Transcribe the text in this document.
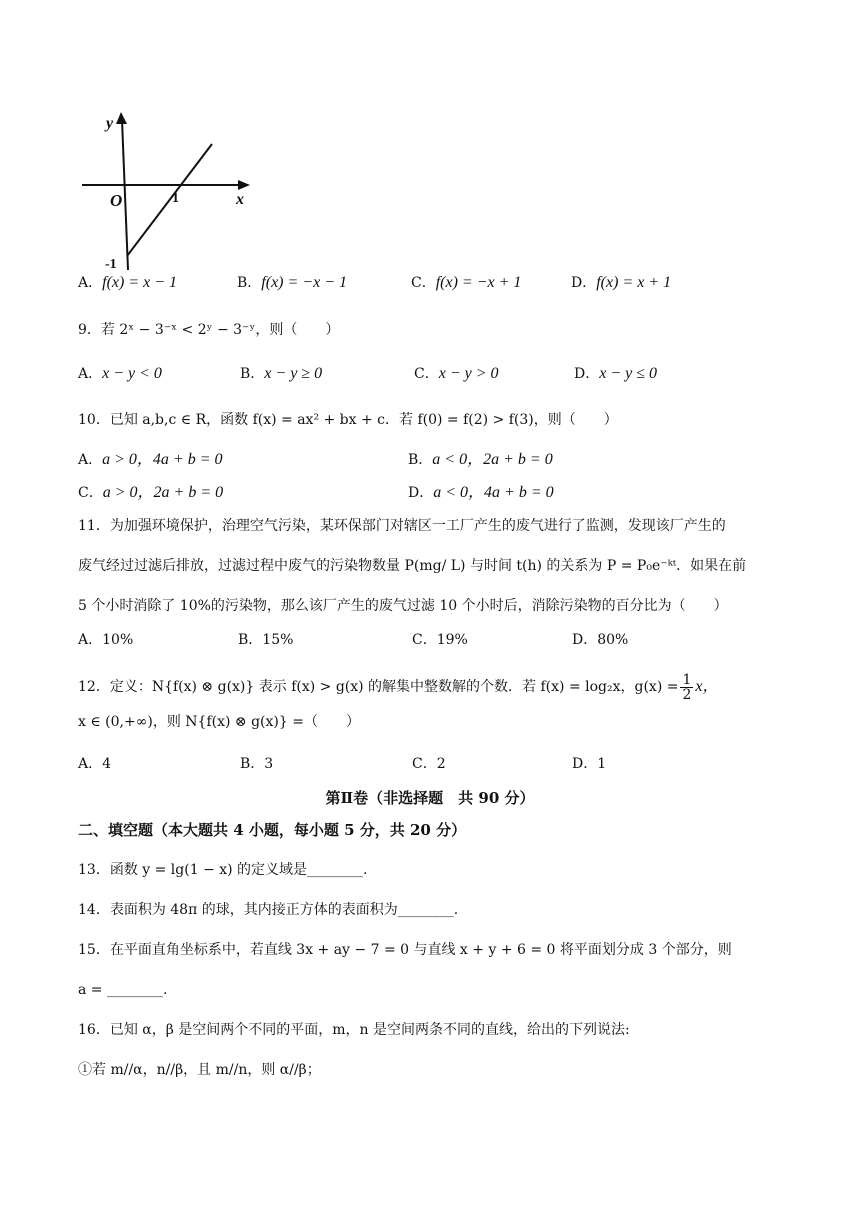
y
x
O	1
-1
A．f(x) = x − 1	B．f(x) = −x − 1	C．f(x) = −x + 1	D．f(x) = x + 1
9．若 2ˣ − 3⁻ˣ < 2ʸ − 3⁻ʸ，则（　　）
A．x − y < 0	B．x − y ≥ 0	C．x − y > 0	D．x − y ≤ 0
10．已知 a,b,c ∈ R，函数 f(x) = ax² + bx + c．若 f(0) = f(2) > f(3)，则（　　）
A．a > 0，4a + b = 0	B．a < 0，2a + b = 0
C．a > 0，2a + b = 0	D．a < 0，4a + b = 0
11．为加强环境保护，治理空气污染，某环保部门对辖区一工厂产生的废气进行了监测，发现该厂产生的
废气经过过滤后排放，过滤过程中废气的污染物数量 P(mg/ L) 与时间 t(h) 的关系为 P = P₀e⁻ᵏᵗ．如果在前
5 个小时消除了 10%的污染物，那么该厂产生的废气过滤 10 个小时后，消除污染物的百分比为（　　）
A．10%	B．15%	C．19%	D．80%
12．定义：N{f(x) ⊗ g(x)} 表示 f(x) > g(x) 的解集中整数解的个数．若 f(x) = log₂x，$g(x) = \frac{1}{2}$ x，
x ∈ (0,+∞)，则 N{f(x) ⊗ g(x)} =（　　）
A．4	B．3	C．2	D．1
第Ⅱ卷（非选择题　共 90 分）
二、填空题（本大题共 4 小题，每小题 5 分，共 20 分）
13．函数 y = lg(1 − x) 的定义域是________.
14．表面积为 48π 的球，其内接正方体的表面积为________.
15．在平面直角坐标系中，若直线 3x + ay − 7 = 0 与直线 x + y + 6 = 0 将平面划分成 3 个部分，则
a = ________.
16．已知 α，β 是空间两个不同的平面，m，n 是空间两条不同的直线，给出的下列说法:
①若 m//α，n//β，且 m//n，则 α//β；
